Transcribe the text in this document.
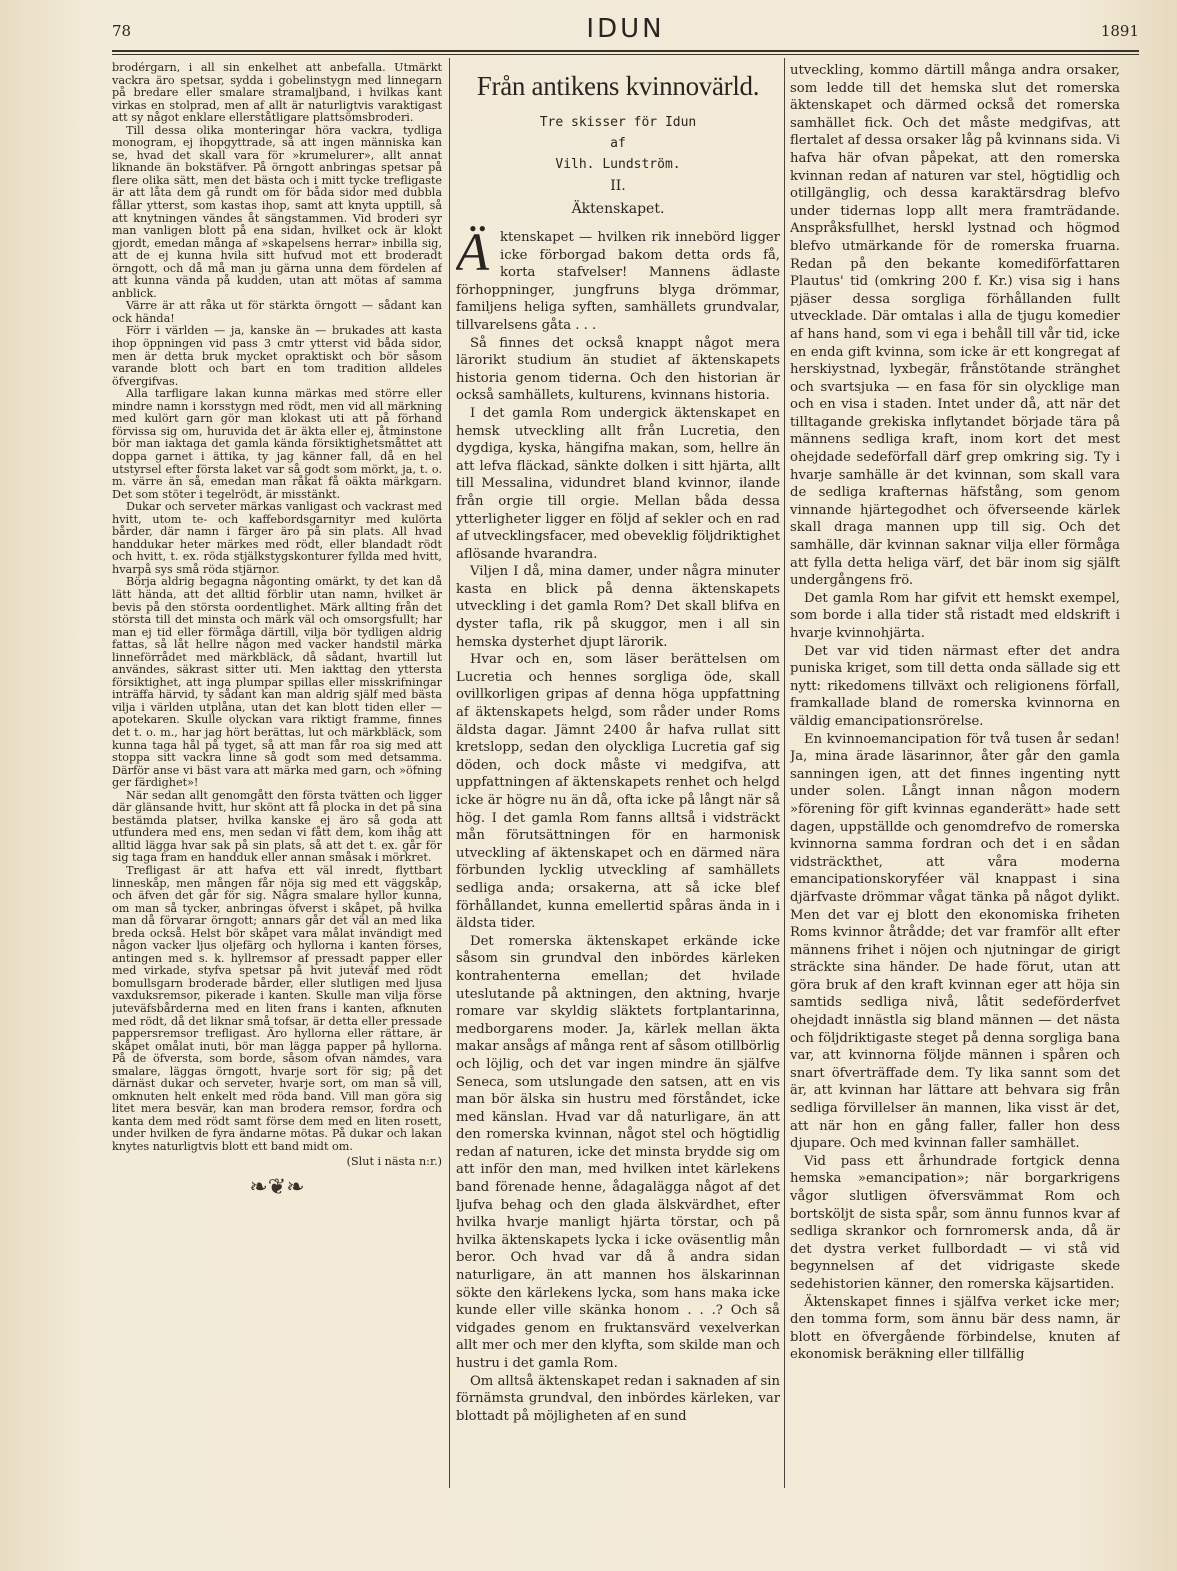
78	IDUN	1891

brodérgarn, i all sin enkelhet att anbefalla. Utmärkt vackra äro spetsar, sydda i gobelinstygn med linnegarn på bredare eller smalare stramaljband, i hvilkas kant virkas en stolprad, men af allt är naturligtvis varaktigast att sy något enklare ellerståtligare plattsömsbroderi.

Till dessa olika monteringar höra vackra, tydliga monogram, ej ihopgyttrade, så att ingen människa kan se, hvad det skall vara för »krumelurer», allt annat liknande än bokstäfver. På örngott anbringas spetsar på flere olika sätt, men det bästa och i mitt tycke trefligaste är att låta dem gå rundt om för båda sidor med dubbla fållar ytterst, som kastas ihop, samt att knyta upptill, så att knytningen vändes åt sängstammen. Vid broderi syr man vanligen blott på ena sidan, hvilket ock är klokt gjordt, emedan många af »skapelsens herrar» inbilla sig, att de ej kunna hvila sitt hufvud mot ett broderadt örngott, och då må man ju gärna unna dem fördelen af att kunna vända på kudden, utan att mötas af samma anblick.

Värre är att råka ut för stärkta örngott — sådant kan ock hända!

Förr i världen — ja, kanske än — brukades att kasta ihop öppningen vid pass 3 cmtr ytterst vid båda sidor, men är detta bruk mycket opraktiskt och bör såsom varande blott och bart en tom tradition alldeles öfvergifvas.

Alla tarfligare lakan kunna märkas med större eller mindre namn i korsstygn med rödt, men vid all märkning med kulört garn gör man klokast uti att på förhand förvissa sig om, huruvida det är äkta eller ej, åtminstone bör man iaktaga det gamla kända försiktighetsmåttet att doppa garnet i ättika, ty jag känner fall, då en hel utstyrsel efter första laket var så godt som mörkt, ja, t. o. m. värre än så, emedan man råkat få oäkta märkgarn. Det som stöter i tegelrödt, är misstänkt.

Dukar och serveter märkas vanligast och vackrast med hvitt, utom te- och kaffebordsgarnityr med kulörta bårder, där namn i färger äro på sin plats. All hvad handdukar heter märkes med rödt, eller blandadt rödt och hvitt, t. ex. röda stjälkstygskonturer fyllda med hvitt, hvarpå sys små röda stjärnor.

Börja aldrig begagna någonting omärkt, ty det kan då lätt hända, att det alltid förblir utan namn, hvilket är bevis på den största oordentlighet. Märk allting från det största till det minsta och märk väl och omsorgsfullt; har man ej tid eller förmåga därtill, vilja bör tydligen aldrig fattas, så låt hellre någon med vacker handstil märka linneförrådet med märkbläck, då sådant, hvartill lut användes, säkrast sitter uti. Men iakttag den yttersta försiktighet, att inga plumpar spillas eller misskrifningar inträffa härvid, ty sådant kan man aldrig själf med bästa vilja i världen utplåna, utan det kan blott tiden eller — apotekaren. Skulle olyckan vara riktigt framme, finnes det t. o. m., har jag hört berättas, lut och märkbläck, som kunna taga hål på tyget, så att man får roa sig med att stoppa sitt vackra linne så godt som med detsamma. Därför anse vi bäst vara att märka med garn, och »öfning ger färdighet»!

När sedan allt genomgått den första tvätten och ligger där glänsande hvitt, hur skönt att få plocka in det på sina bestämda platser, hvilka kanske ej äro så goda att utfundera med ens, men sedan vi fått dem, kom ihåg att alltid lägga hvar sak på sin plats, så att det t. ex. går för sig taga fram en handduk eller annan småsak i mörkret.

Trefligast är att hafva ett väl inredt, flyttbart linneskåp, men mången får nöja sig med ett väggskåp, och äfven det går för sig. Några smalare hyllor kunna, om man så tycker, anbringas öfverst i skåpet, på hvilka man då förvarar örngott; annars går det väl an med lika breda också. Helst bör skåpet vara målat invändigt med någon vacker ljus oljefärg och hyllorna i kanten förses, antingen med s. k. hyllremsor af pressadt papper eller med virkade, styfva spetsar på hvit juteväf med rödt bomullsgarn broderade bårder, eller slutligen med ljusa vaxduksremsor, pikerade i kanten. Skulle man vilja förse juteväfsbårderna med en liten frans i kanten, afknuten med rödt, då det liknar små tofsar, är detta eller pressade pappersremsor trefligast. Äro hyllorna eller rättare, är skåpet omålat inuti, bör man lägga papper på hyllorna. På de öfversta, som borde, såsom ofvan nämdes, vara smalare, läggas örngott, hvarje sort för sig; på det därnäst dukar och serveter, hvarje sort, om man så vill, omknuten helt enkelt med röda band. Vill man göra sig litet mera besvär, kan man brodera remsor, fordra och kanta dem med rödt samt förse dem med en liten rosett, under hvilken de fyra ändarne mötas. På dukar och lakan knytes naturligtvis blott ett band midt om.

(Slut i nästa n:r.)
❧❦❧
Från antikens kvinnovärld.
Tre skisser för Idun
af
Vilh. Lundström.
II.
Äktenskapet.

Äktenskapet — hvilken rik innebörd ligger icke förborgad bakom detta ords få, korta stafvelser! Mannens ädlaste förhoppninger, jungfruns blyga drömmar, familjens heliga syften, samhällets grundvalar, tillvarelsens gåta . . .

Så finnes det också knappt något mera lärorikt studium än studiet af äktenskapets historia genom tiderna. Och den historian är också samhällets, kulturens, kvinnans historia.

I det gamla Rom undergick äktenskapet en hemsk utveckling allt från Lucretia, den dygdiga, kyska, hängifna makan, som, hellre än att lefva fläckad, sänkte dolken i sitt hjärta, allt till Messalina, vidundret bland kvinnor, ilande från orgie till orgie. Mellan båda dessa ytterligheter ligger en följd af sekler och en rad af utvecklingsfacer, med obeveklig följdriktighet aflösande hvarandra.

Viljen I då, mina damer, under några minuter kasta en blick på denna äktenskapets utveckling i det gamla Rom? Det skall blifva en dyster tafla, rik på skuggor, men i all sin hemska dysterhet djupt lärorik.

Hvar och en, som läser berättelsen om Lucretia och hennes sorgliga öde, skall ovillkorligen gripas af denna höga uppfattning af äktenskapets helgd, som råder under Roms äldsta dagar. Jämnt 2400 år hafva rullat sitt kretslopp, sedan den olyckliga Lucretia gaf sig döden, och dock måste vi medgifva, att uppfattningen af äktenskapets renhet och helgd icke är högre nu än då, ofta icke på långt när så hög. I det gamla Rom fanns alltså i vidsträckt mån förutsättningen för en harmonisk utveckling af äktenskapet och en därmed nära förbunden lycklig utveckling af samhällets sedliga anda; orsakerna, att så icke blef förhållandet, kunna emellertid spåras ända in i äldsta tider.

Det romerska äktenskapet erkände icke såsom sin grundval den inbördes kärleken kontrahenterna emellan; det hvilade uteslutande på aktningen, den aktning, hvarje romare var skyldig släktets fortplantarinna, medborgarens moder. Ja, kärlek mellan äkta makar ansågs af många rent af såsom otillbörlig och löjlig, och det var ingen mindre än själfve Seneca, som utslungade den satsen, att en vis man bör älska sin hustru med förståndet, icke med känslan. Hvad var då naturligare, än att den romerska kvinnan, något stel och högtidlig redan af naturen, icke det minsta brydde sig om att inför den man, med hvilken intet kärlekens band förenade henne, ådagalägga något af det ljufva behag och den glada älskvärdhet, efter hvilka hvarje manligt hjärta törstar, och på hvilka äktenskapets lycka i icke oväsentlig mån beror. Och hvad var då å andra sidan naturligare, än att mannen hos älskarinnan sökte den kärlekens lycka, som hans maka icke kunde eller ville skänka honom . . .? Och så vidgades genom en fruktansvärd vexelverkan allt mer och mer den klyfta, som skilde man och hustru i det gamla Rom.

Om alltså äktenskapet redan i saknaden af sin förnämsta grundval, den inbördes kärleken, var blottadt på möjligheten af en sund

utveckling, kommo därtill många andra orsaker, som ledde till det hemska slut det romerska äktenskapet och därmed också det romerska samhället fick. Och det måste medgifvas, att flertalet af dessa orsaker låg på kvinnans sida. Vi hafva här ofvan påpekat, att den romerska kvinnan redan af naturen var stel, högtidlig och otillgänglig, och dessa karaktärsdrag blefvo under tidernas lopp allt mera framträdande. Anspråksfullhet, herskl lystnad och högmod blefvo utmärkande för de romerska fruarna. Redan på den bekante komediförfattaren Plautus' tid (omkring 200 f. Kr.) visa sig i hans pjäser dessa sorgliga förhållanden fullt utvecklade. Där omtalas i alla de tjugu komedier af hans hand, som vi ega i behåll till vår tid, icke en enda gift kvinna, som icke är ett kongregat af herskiystnad, lyxbegär, frånstötande stränghet och svartsjuka — en fasa för sin olycklige man och en visa i staden. Intet under då, att när det tilltagande grekiska inflytandet började tära på männens sedliga kraft, inom kort det mest ohejdade sedeförfall därf grep omkring sig. Ty i hvarje samhälle är det kvinnan, som skall vara de sedliga krafternas häfstång, som genom vinnande hjärtegodhet och öfverseende kärlek skall draga mannen upp till sig. Och det samhälle, där kvinnan saknar vilja eller förmåga att fylla detta heliga värf, det bär inom sig själft undergångens frö.

Det gamla Rom har gifvit ett hemskt exempel, som borde i alla tider stå ristadt med eldskrift i hvarje kvinnohjärta.

Det var vid tiden närmast efter det andra puniska kriget, som till detta onda sällade sig ett nytt: rikedomens tillväxt och religionens förfall, framkallade bland de romerska kvinnorna en väldig emancipationsrörelse.

En kvinnoemancipation för två tusen år sedan! Ja, mina ärade läsarinnor, åter går den gamla sanningen igen, att det finnes ingenting nytt under solen. Långt innan någon modern »förening för gift kvinnas eganderätt» hade sett dagen, uppställde och genomdrefvo de romerska kvinnorna samma fordran och det i en sådan vidsträckthet, att våra moderna emancipationskoryféer väl knappast i sina djärfvaste drömmar vågat tänka på något dylikt. Men det var ej blott den ekonomiska friheten Roms kvinnor åtrådde; det var framför allt efter männens frihet i nöjen och njutningar de girigt sträckte sina händer. De hade förut, utan att göra bruk af den kraft kvinnan eger att höja sin samtids sedliga nivå, låtit sedeförderfvet ohejdadt innästla sig bland männen — det nästa och följdriktigaste steget på denna sorgliga bana var, att kvinnorna följde männen i spåren och snart öfverträffade dem. Ty lika sannt som det är, att kvinnan har lättare att behvara sig från sedliga förvillelser än mannen, lika visst är det, att när hon en gång faller, faller hon dess djupare. Och med kvinnan faller samhället.

Vid pass ett århundrade fortgick denna hemska »emancipation»; när borgarkrigens vågor slutligen öfversvämmat Rom och bortsköljt de sista spår, som ännu funnos kvar af sedliga skrankor och fornromersk anda, då är det dystra verket fullbordadt — vi stå vid begynnelsen af det vidrigaste skede sedehistorien känner, den romerska käjsartiden.

Äktenskapet finnes i själfva verket icke mer; den tomma form, som ännu bär dess namn, är blott en öfvergående förbindelse, knuten af ekonomisk beräkning eller tillfällig
